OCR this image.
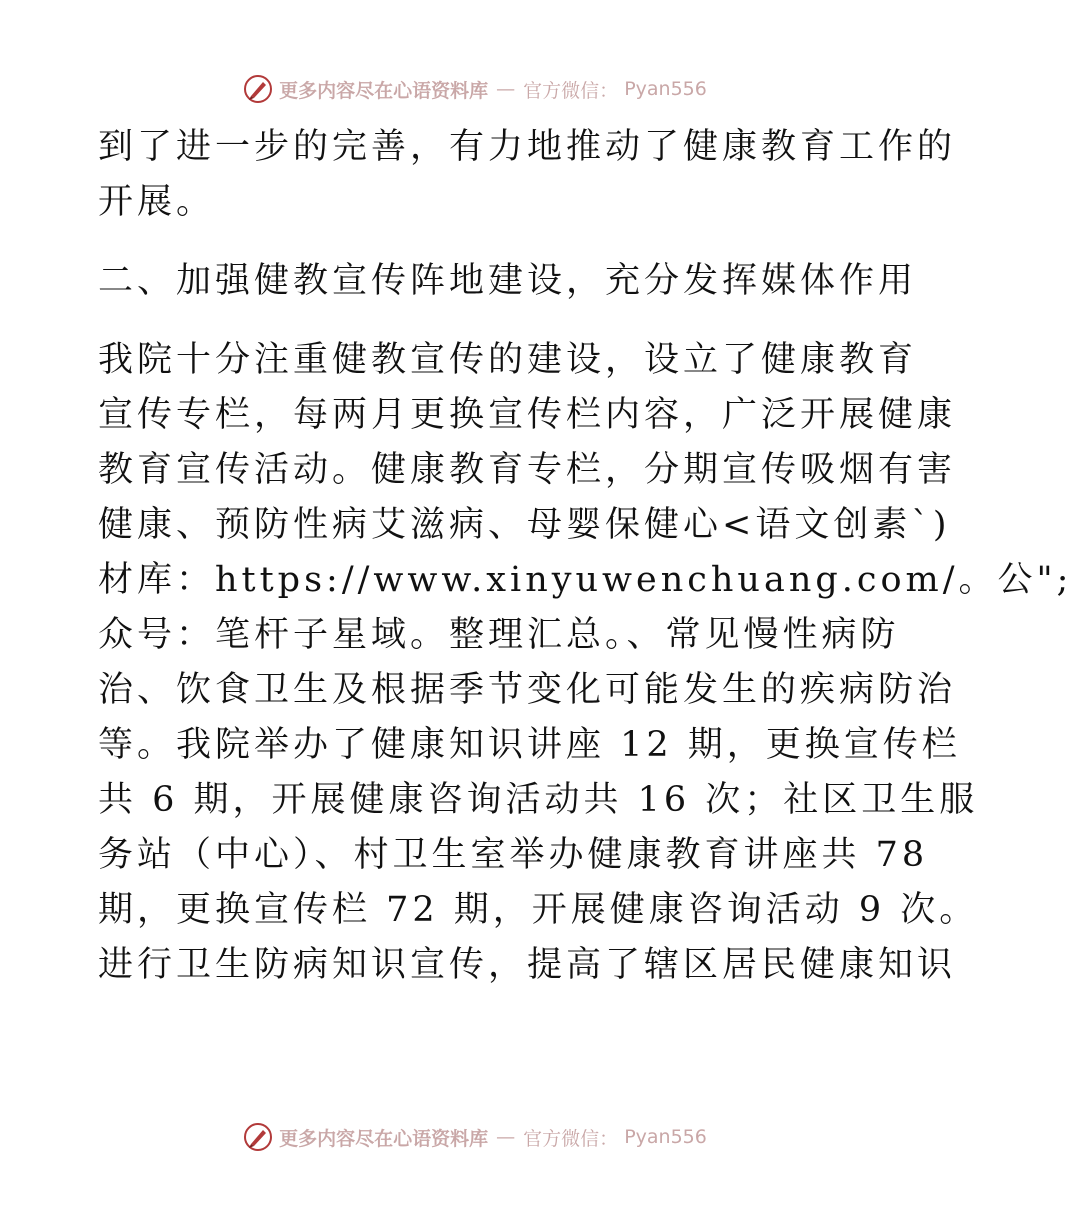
更多内容尽在心语资料库 — 官方微信： Pyan556
到了进一步的完善，有力地推动了健康教育工作的
开展。
二、加强健教宣传阵地建设，充分发挥媒体作用
我院十分注重健教宣传的建设，设立了健康教育
宣传专栏，每两月更换宣传栏内容，广泛开展健康
教育宣传活动。健康教育专栏，分期宣传吸烟有害
健康、预防性病艾滋病、母婴保健心<语文创素`)
材库：https://www.xinyuwenchuang.com/。公";
众号：笔杆子星域。整理汇总。、常见慢性病防
治、饮食卫生及根据季节变化可能发生的疾病防治
等。我院举办了健康知识讲座 12 期，更换宣传栏
共 6 期，开展健康咨询活动共 16 次；社区卫生服
务站（中心）、村卫生室举办健康教育讲座共 78
期，更换宣传栏 72 期，开展健康咨询活动 9 次。
进行卫生防病知识宣传，提高了辖区居民健康知识
更多内容尽在心语资料库 — 官方微信： Pyan556
